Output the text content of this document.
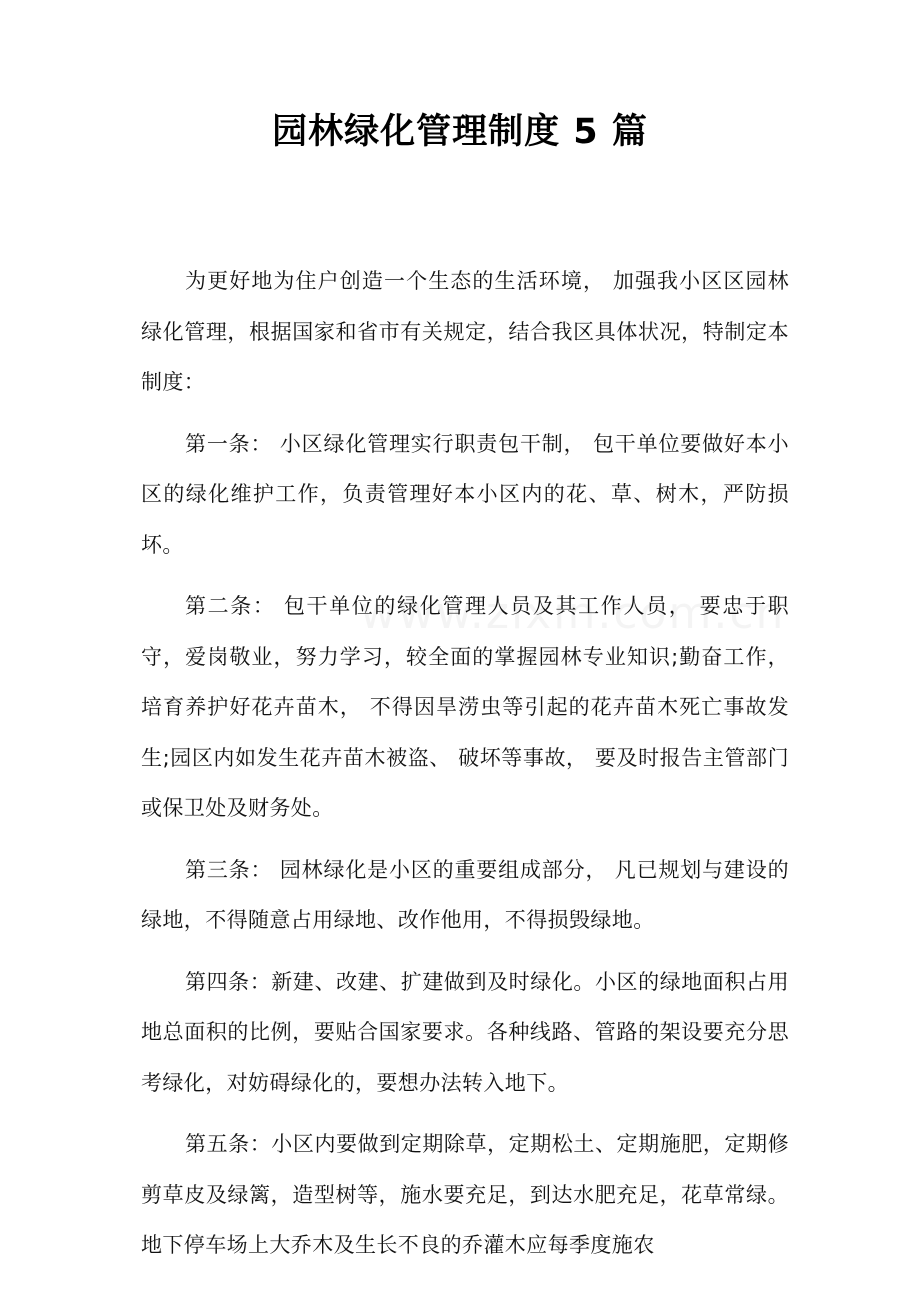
园林绿化管理制度 5 篇

为更好地为住户创造一个生态的生活环境， 加强我小区区园林绿化管理，根据国家和省市有关规定，结合我区具体状况，特制定本制度：

第一条： 小区绿化管理实行职责包干制， 包干单位要做好本小区的绿化维护工作，负责管理好本小区内的花、草、树木，严防损坏。

第二条： 包干单位的绿化管理人员及其工作人员， 要忠于职守，爱岗敬业，努力学习，较全面的掌握园林专业知识;勤奋工作，培育养护好花卉苗木， 不得因旱涝虫等引起的花卉苗木死亡事故发生;园区内如发生花卉苗木被盗、 破坏等事故， 要及时报告主管部门或保卫处及财务处。

第三条： 园林绿化是小区的重要组成部分， 凡已规划与建设的绿地，不得随意占用绿地、改作他用，不得损毁绿地。

第四条：新建、改建、扩建做到及时绿化。小区的绿地面积占用地总面积的比例，要贴合国家要求。各种线路、管路的架设要充分思考绿化，对妨碍绿化的，要想办法转入地下。

第五条：小区内要做到定期除草，定期松土、定期施肥，定期修剪草皮及绿篱，造型树等，施水要充足，到达水肥充足，花草常绿。 地下停车场上大乔木及生长不良的乔灌木应每季度施农
